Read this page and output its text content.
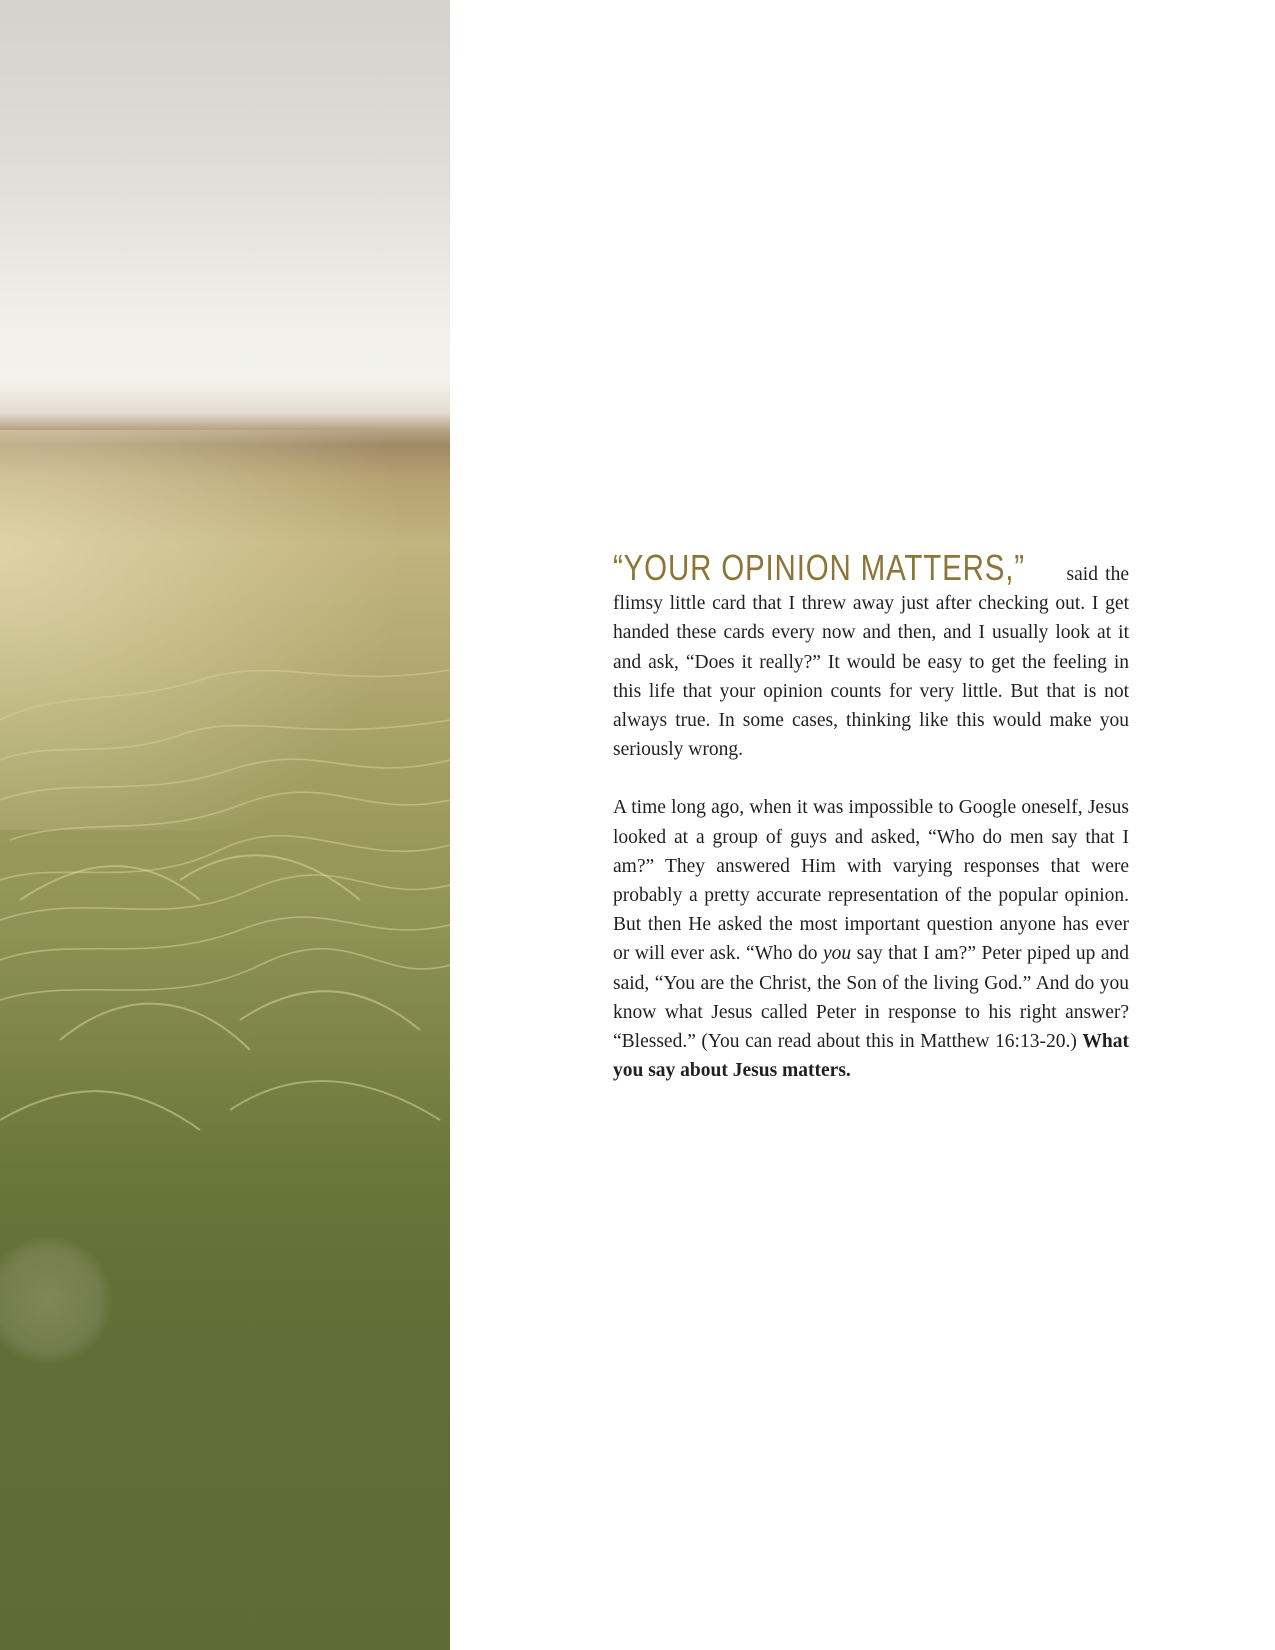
“YOUR OPINION MATTERS,” said the flimsy little card that I threw away just after checking out. I get handed these cards every now and then, and I usually look at it and ask, “Does it really?” It would be easy to get the feeling in this life that your opinion counts for very little. But that is not always true. In some cases, thinking like this would make you seriously wrong.

A time long ago, when it was impossible to Google oneself, Jesus looked at a group of guys and asked, “Who do men say that I am?” They answered Him with varying responses that were probably a pretty accurate representation of the popular opinion. But then He asked the most important question anyone has ever or will ever ask. “Who do you say that I am?” Peter piped up and said, “You are the Christ, the Son of the living God.” And do you know what Jesus called Peter in response to his right answer? “Blessed.” (You can read about this in Matthew 16:13-20.) What you say about Jesus matters.
